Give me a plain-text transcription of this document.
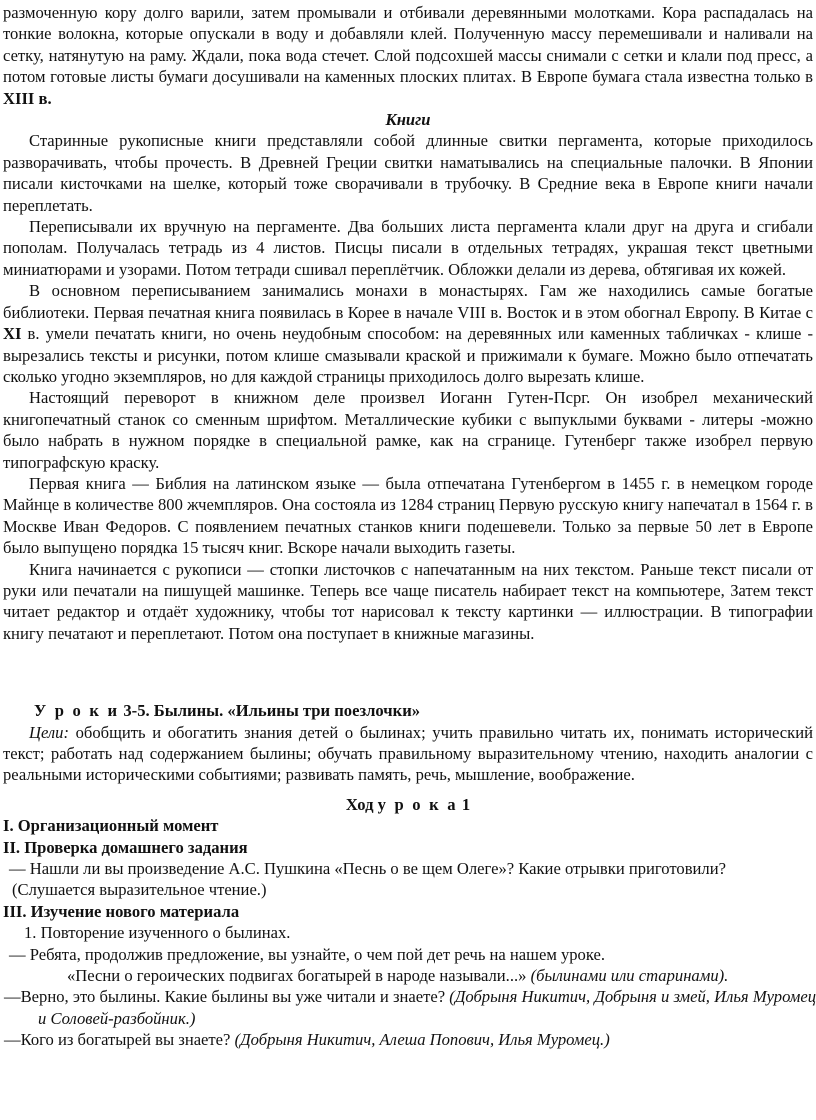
размоченную кору долго варили, затем промывали и отбивали деревянными молотками. Кора распадалась на тонкие волокна, которые опускали в воду и добавляли клей. Полученную массу перемешивали и наливали на сетку, натянутую на раму. Ждали, пока вода стечет. Слой подсохшей массы снимали с сетки и клали под пресс, а потом готовые листы бумаги досушивали на каменных плоских плитах. В Европе бумага стала известна только в XIII в.

Книги

Старинные рукописные книги представляли собой длинные свитки пергамента, которые приходилось разворачивать, чтобы прочесть. В Древней Греции свитки наматывались на специальные палочки. В Японии писали кисточками на шелке, который тоже сворачивали в трубочку. В Средние века в Европе книги начали переплетать.

Переписывали их вручную на пергаменте. Два больших листа пергамента клали друг на друга и сгибали пополам. Получалась тетрадь из 4 листов. Писцы писали в отдельных тетрадях, украшая текст цветными миниатюрами и узорами. Потом тетради сшивал переплётчик. Обложки делали из дерева, обтягивая их кожей.

В основном переписыванием занимались монахи в монастырях. Гам же находились самые богатые библиотеки. Первая печатная книга появилась в Корее в начале VIII в. Восток и в этом обогнал Европу. В Китае с XI в. умели печатать книги, но очень неудобным способом: на деревянных или каменных табличках - клише - вырезались тексты и рисунки, потом клише смазывали краской и прижимали к бумаге. Можно было отпечатать сколько угодно экземпляров, но для каждой страницы приходилось долго вырезать клише.

Настоящий переворот в книжном деле произвел Иоганн Гутен-Псрг. Он изобрел механический книгопечатный станок со сменным шрифтом. Металлические кубики с выпуклыми буквами - литеры -можно было набрать в нужном порядке в специальной рамке, как на сгранице. Гутенберг также изобрел первую типографскую краску.

Первая книга — Библия на латинском языке — была отпечатана Гутенбергом в 1455 г. в немецком городе Майнце в количестве 800 жчемпляров. Она состояла из 1284 страниц Первую русскую книгу напечатал в 1564 г. в Москве Иван Федоров. С появлением печатных станков книги подешевели. Только за первые 50 лет в Европе было выпущено порядка 15 тысяч книг. Вскоре начали выходить газеты.

Книга начинается с рукописи — стопки листочков с напечатанным на них текстом. Раньше текст писали от руки или печатали на пишущей машинке. Теперь все чаще писатель набирает текст на компьютере, Затем текст читает редактор и отдаёт художнику, чтобы тот нарисовал к тексту картинки — иллюстрации. В типографии книгу печатают и переплетают. Потом она поступает в книжные магазины.

У р о к и 3-5. Былины. «Ильины три поезлочки»

Цели: обобщить и обогатить знания детей о былинах; учить правильно читать их, понимать исторический текст; работать над содержанием былины; обучать правильному выразительному чтению, находить аналогии с реальными историческими событиями; развивать память, речь, мышление, воображение.

Ход у р о к а 1

I. Организационный момент

II. Проверка домашнего задания

— Нашли ли вы произведение А.С. Пушкина «Песнь о ве щем Олеге»? Какие отрывки приготовили?

(Слушается выразительное чтение.)

III. Изучение нового материала

1. Повторение изученного о былинах.

— Ребята, продолжив предложение, вы узнайте, о чем пой дет речь на нашем уроке.

«Песни о героических подвигах богатырей в народе называли...» (былинами или старинами).

—Верно, это былины. Какие былины вы уже читали и знаете? (Добрыня Никитич, Добрыня и змей, Илья Муромец и Соловей-разбойник.)

—Кого из богатырей вы знаете? (Добрыня Никитич, Алеша Попович, Илья Муромец.)
